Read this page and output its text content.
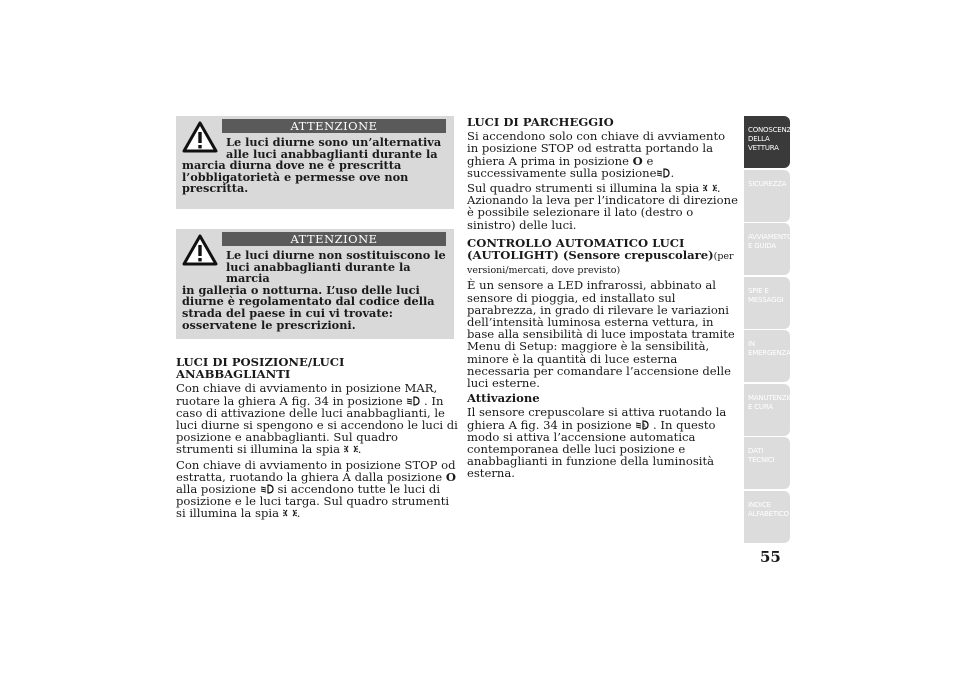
ATTENZIONE
Le luci diurne sono un’alternativa
alle luci anabbaglianti durante la
marcia diurna dove ne è prescritta
l’obbligatorietà e permesse ove non
prescritta.
ATTENZIONE
Le luci diurne non sostituiscono le
luci anabbaglianti durante la marcia
in galleria o notturna. L’uso delle luci
diurne è regolamentato dal codice della
strada del paese in cui vi trovate:
osservatene le prescrizioni.
LUCI DI POSIZIONE/LUCI ANABBAGLIANTI

Con chiave di avviamento in posizione MAR, ruotare la ghiera A fig. 34 in posizione . In caso di attivazione delle luci anabbaglianti, le luci diurne si spengono e si accendono le luci di posizione e anabbaglianti. Sul quadro strumenti si illumina la spia .

Con chiave di avviamento in posizione STOP od estratta, ruotando la ghiera A dalla posizione O alla posizione si accendono tutte le luci di posizione e le luci targa. Sul quadro strumenti si illumina la spia .

LUCI DI PARCHEGGIO

Si accendono solo con chiave di avviamento in posizione STOP od estratta portando la ghiera A prima in posizione O e successivamente sulla posizione .

Sul quadro strumenti si illumina la spia . Azionando la leva per l’indicatore di direzione è possibile selezionare il lato (destro o sinistro) delle luci.

CONTROLLO AUTOMATICO LUCI (AUTOLIGHT) (Sensore crepuscolare)(per versioni/mercati, dove previsto)

È un sensore a LED infrarossi, abbinato al sensore di pioggia, ed installato sul parabrezza, in grado di rilevare le variazioni dell’intensità luminosa esterna vettura, in base alla sensibilità di luce impostata tramite Menu di Setup: maggiore è la sensibilità, minore è la quantità di luce esterna necessaria per comandare l’accensione delle luci esterne.

Attivazione

Il sensore crepuscolare si attiva ruotando la ghiera A fig. 34 in posizione A . In questo modo si attiva l’accensione automatica contemporanea delle luci posizione e anabbaglianti in funzione della luminosità esterna.

CONOSCENZA DELLA VETTURA
SICUREZZA
AVVIAMENTO E GUIDA
SPIE E MESSAGGI
IN EMERGENZA
MANUTENZIONE E CURA
DATI TECNICI
INDICE ALFABETICO
55
